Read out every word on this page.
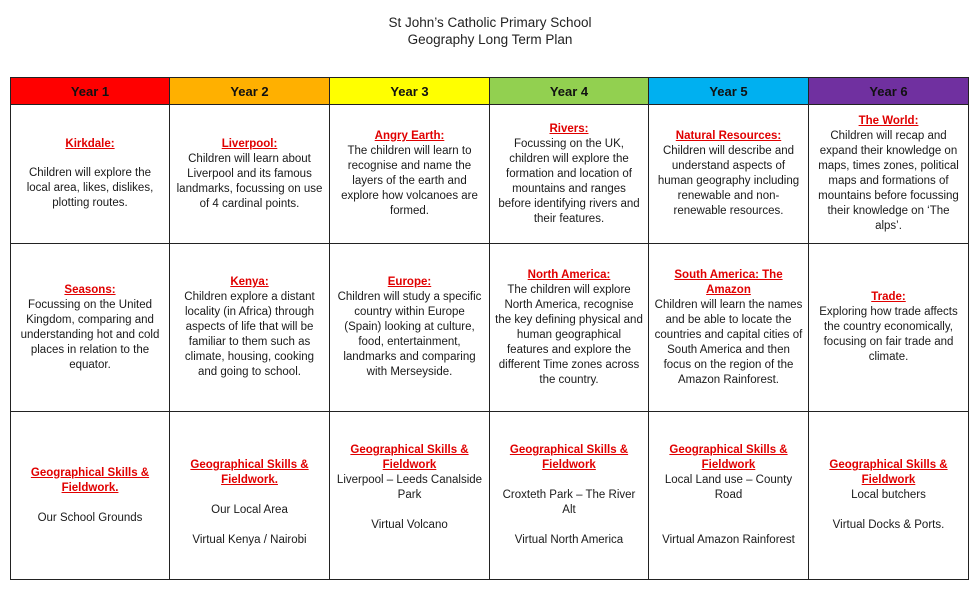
St John’s Catholic Primary School
Geography Long Term Plan
Year 1	Year 2	Year 3	Year 4	Year 5	Year 6

Kirkdale:
Children will explore the local area, likes, dislikes, plotting routes.	Liverpool:
Children will learn about Liverpool and its famous landmarks, focussing on use of 4 cardinal points.	Angry Earth:
The children will learn to recognise and name the layers of the earth and explore how volcanoes are formed.	Rivers:
Focussing on the UK, children will explore the formation and location of mountains and ranges before identifying rivers and their features.	Natural Resources:
Children will describe and understand aspects of human geography including renewable and non-renewable resources.	The World:
Children will recap and expand their knowledge on maps, times zones, political maps and formations of mountains before focussing their knowledge on ‘The alps’.

Seasons:
Focussing on the United Kingdom, comparing and understanding hot and cold places in relation to the equator.	Kenya:
Children explore a distant locality (in Africa) through aspects of life that will be familiar to them such as climate, housing, cooking and going to school.	Europe:
Children will study a specific country within Europe (Spain) looking at culture, food, entertainment, landmarks and comparing with Merseyside.	North America:
The children will explore North America, recognise the key defining physical and human geographical features and explore the different Time zones across the country.	South America: The Amazon
Children will learn the names and be able to locate the countries and capital cities of South America and then focus on the region of the Amazon Rainforest.	Trade:
Exploring how trade affects the country economically, focusing on fair trade and climate.

Geographical Skills & Fieldwork.
Our School Grounds	Geographical Skills & Fieldwork.
Our Local Area
Virtual Kenya / Nairobi	Geographical Skills & Fieldwork
Liverpool – Leeds Canalside Park
Virtual Volcano	Geographical Skills & Fieldwork
Croxteth Park – The River Alt
Virtual North America	Geographical Skills & Fieldwork
Local Land use – County Road
Virtual Amazon Rainforest	Geographical Skills & Fieldwork
Local butchers
Virtual Docks & Ports.
